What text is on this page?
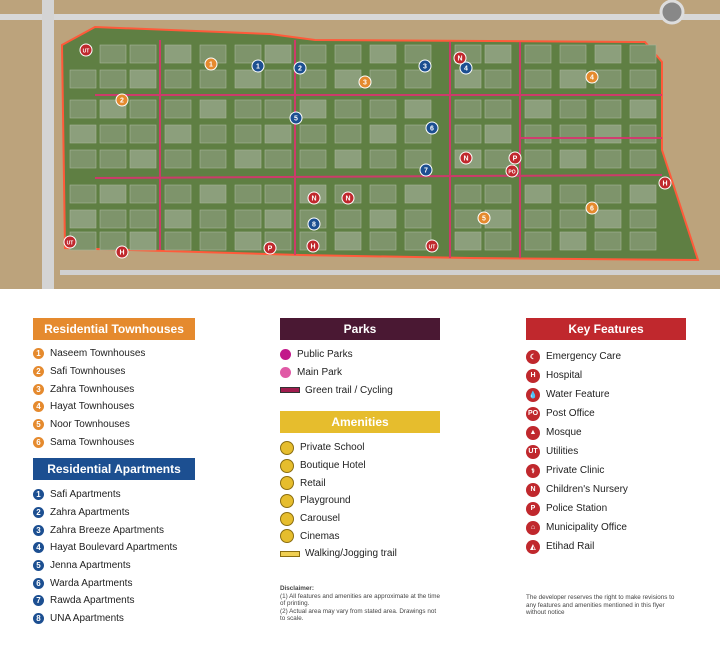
1	2	3	4
5
6
7
8
1
2
3
4
5
6
H
H
H
N
N
N
N
P
P
PO
UT
UT
UT
Residential Townhouses
1 Naseem Townhouses
2 Safi Townhouses
3 Zahra Townhouses
4 Hayat Townhouses
5 Noor Townhouses
6 Sama Townhouses
Residential Apartments
1 Safi Apartments
2 Zahra Apartments
3 Zahra Breeze Apartments
4 Hayat Boulevard Apartments
5 Jenna Apartments
6 Warda Apartments
7 Rawda Apartments
8 UNA Apartments
Parks
Public Parks
Main Park
Green trail / Cycling
Amenities
Private School
Boutique Hotel
Retail
Playground
Carousel
Cinemas
Walking/Jogging trail
Disclaimer:
(1) All features and amenities are approximate at the time of printing.
(2) Actual area may vary from stated area. Drawings not to scale.
Key Features
☾ Emergency Care
H	Hospital
💧 Water Feature
PO Post Office
▲ Mosque
UT Utilities
⚕	Private Clinic
N	Children's Nursery
P	Police Station
⌂	Municipality Office
◭	Etihad Rail
The developer reserves the right to make revisions to any features and amenities mentioned in this flyer without notice
